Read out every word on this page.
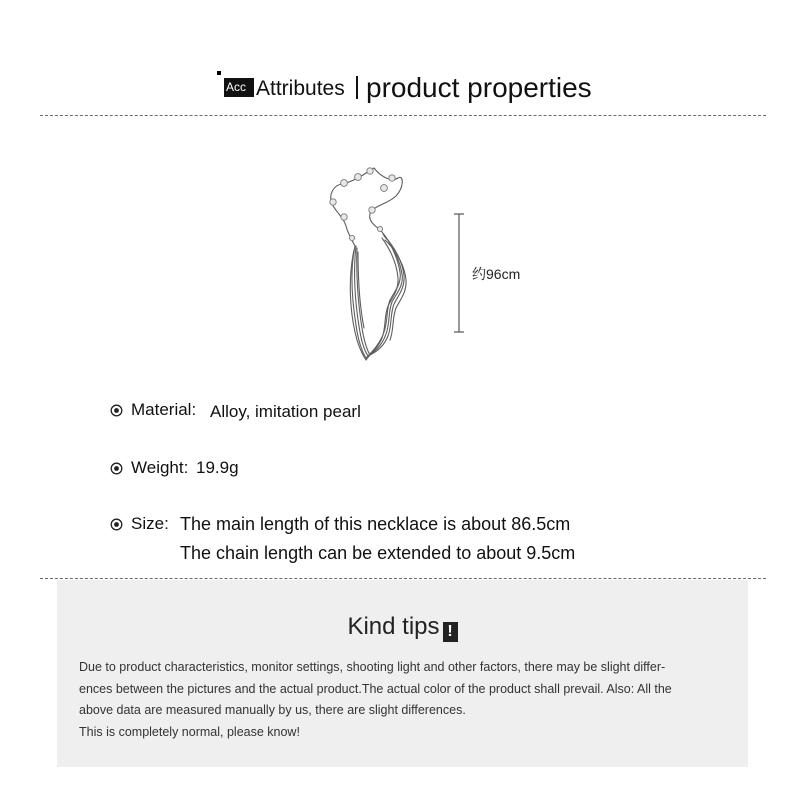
Acc Attributes product properties
约96cm
Material: Alloy, imitation pearl
Weight: 19.9g
Size: The main length of this necklace is about 86.5cm
The chain length can be extended to about 9.5cm
Kind tips !
Due to product characteristics, monitor settings, shooting light and other factors, there may be slight differ-
ences between the pictures and the actual product.The actual color of the product shall prevail. Also: All the
above data are measured manually by us, there are slight differences.
This is completely normal, please know!
